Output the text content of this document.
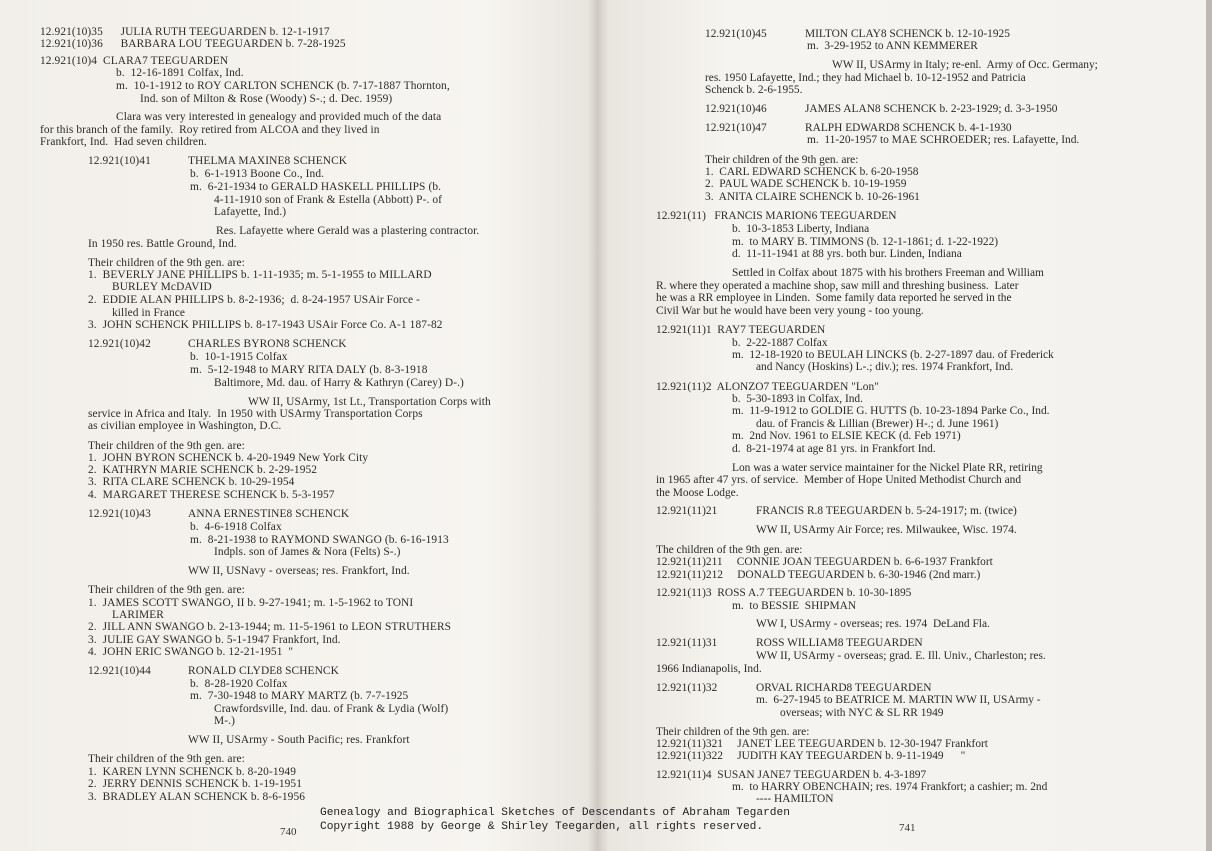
12.921(10)35      JULIA RUTH TEEGUARDEN b. 12-1-1917
12.921(10)36      BARBARA LOU TEEGUARDEN b. 7-28-1925
12.921(10)4  CLARA7 TEEGUARDEN
b.  12-16-1891 Colfax, Ind.
m.  10-1-1912 to ROY CARLTON SCHENCK (b. 7-17-1887 Thornton,
Ind. son of Milton & Rose (Woody) S-.; d. Dec. 1959)
Clara was very interested in genealogy and provided much of the data
for this branch of the family.  Roy retired from ALCOA and they lived in
Frankfort, Ind.  Had seven children.
12.921(10)41	THELMA MAXINE8 SCHENCK
b.  6-1-1913 Boone Co., Ind.
m.  6-21-1934 to GERALD HASKELL PHILLIPS (b.
4-11-1910 son of Frank & Estella (Abbott) P-. of
Lafayette, Ind.)
Res. Lafayette where Gerald was a plastering contractor.
In 1950 res. Battle Ground, Ind.
Their children of the 9th gen. are:
1.  BEVERLY JANE PHILLIPS b. 1-11-1935; m. 5-1-1955 to MILLARD
BURLEY McDAVID
2.  EDDIE ALAN PHILLIPS b. 8-2-1936;  d. 8-24-1957 USAir Force -
killed in France
3.  JOHN SCHENCK PHILLIPS b. 8-17-1943 USAir Force Co. A-1 187-82
12.921(10)42	CHARLES BYRON8 SCHENCK
b.  10-1-1915 Colfax
m.  5-12-1948 to MARY RITA DALY (b. 8-3-1918
Baltimore, Md. dau. of Harry & Kathryn (Carey) D-.)
WW II, USArmy, 1st Lt., Transportation Corps with
service in Africa and Italy.  In 1950 with USArmy Transportation Corps
as civilian employee in Washington, D.C.
Their children of the 9th gen. are:
1.  JOHN BYRON SCHENCK b. 4-20-1949 New York City
2.  KATHRYN MARIE SCHENCK b. 2-29-1952
3.  RITA CLARE SCHENCK b. 10-29-1954
4.  MARGARET THERESE SCHENCK b. 5-3-1957
12.921(10)43	ANNA ERNESTINE8 SCHENCK
b.  4-6-1918 Colfax
m.  8-21-1938 to RAYMOND SWANGO (b. 6-16-1913
Indpls. son of James & Nora (Felts) S-.)
WW II, USNavy - overseas; res. Frankfort, Ind.
Their children of the 9th gen. are:
1.  JAMES SCOTT SWANGO, II b. 9-27-1941; m. 1-5-1962 to TONI
LARIMER
2.  JILL ANN SWANGO b. 2-13-1944; m. 11-5-1961 to LEON STRUTHERS
3.  JULIE GAY SWANGO b. 5-1-1947 Frankfort, Ind.
4.  JOHN ERIC SWANGO b. 12-21-1951  "
12.921(10)44	RONALD CLYDE8 SCHENCK
b.  8-28-1920 Colfax
m.  7-30-1948 to MARY MARTZ (b. 7-7-1925
Crawfordsville, Ind. dau. of Frank & Lydia (Wolf)
M-.)
WW II, USArmy - South Pacific; res. Frankfort
Their children of the 9th gen. are:
1.  KAREN LYNN SCHENCK b. 8-20-1949
2.  JERRY DENNIS SCHENCK b. 1-19-1951
3.  BRADLEY ALAN SCHENCK b. 8-6-1956
740
12.921(10)45	MILTON CLAY8 SCHENCK b. 12-10-1925
m.  3-29-1952 to ANN KEMMERER
WW II, USArmy in Italy; re-enl.  Army of Occ. Germany;
res. 1950 Lafayette, Ind.; they had Michael b. 10-12-1952 and Patricia
Schenck b. 2-6-1955.
12.921(10)46	JAMES ALAN8 SCHENCK b. 2-23-1929; d. 3-3-1950
12.921(10)47	RALPH EDWARD8 SCHENCK b. 4-1-1930
m.  11-20-1957 to MAE SCHROEDER; res. Lafayette, Ind.
Their children of the 9th gen. are:
1.  CARL EDWARD SCHENCK b. 6-20-1958
2.  PAUL WADE SCHENCK b. 10-19-1959
3.  ANITA CLAIRE SCHENCK b. 10-26-1961
12.921(11)   FRANCIS MARION6 TEEGUARDEN
b.  10-3-1853 Liberty, Indiana
m.  to MARY B. TIMMONS (b. 12-1-1861; d. 1-22-1922)
d.  11-11-1941 at 88 yrs. both bur. Linden, Indiana
Settled in Colfax about 1875 with his brothers Freeman and William
R. where they operated a machine shop, saw mill and threshing business.  Later
he was a RR employee in Linden.  Some family data reported he served in the
Civil War but he would have been very young - too young.
12.921(11)1  RAY7 TEEGUARDEN
b.  2-22-1887 Colfax
m.  12-18-1920 to BEULAH LINCKS (b. 2-27-1897 dau. of Frederick
and Nancy (Hoskins) L-.; div.); res. 1974 Frankfort, Ind.
12.921(11)2  ALONZO7 TEEGUARDEN "Lon"
b.  5-30-1893 in Colfax, Ind.
m.  11-9-1912 to GOLDIE G. HUTTS (b. 10-23-1894 Parke Co., Ind.
dau. of Francis & Lillian (Brewer) H-.; d. June 1961)
m.  2nd Nov. 1961 to ELSIE KECK (d. Feb 1971)
d.  8-21-1974 at age 81 yrs. in Frankfort Ind.
Lon was a water service maintainer for the Nickel Plate RR, retiring
in 1965 after 47 yrs. of service.  Member of Hope United Methodist Church and
the Moose Lodge.
12.921(11)21	FRANCIS R.8 TEEGUARDEN b. 5-24-1917; m. (twice)
WW II, USArmy Air Force; res. Milwaukee, Wisc. 1974.
The children of the 9th gen. are:
12.921(11)211     CONNIE JOAN TEEGUARDEN b. 6-6-1937 Frankfort
12.921(11)212     DONALD TEEGUARDEN b. 6-30-1946 (2nd marr.)
12.921(11)3  ROSS A.7 TEEGUARDEN b. 10-30-1895
m.  to BESSIE  SHIPMAN
WW I, USArmy - overseas; res. 1974  DeLand Fla.
12.921(11)31	ROSS WILLIAM8 TEEGUARDEN
WW II, USArmy - overseas; grad. E. Ill. Univ., Charleston; res.
1966 Indianapolis, Ind.
12.921(11)32	ORVAL RICHARD8 TEEGUARDEN
m.  6-27-1945 to BEATRICE M. MARTIN WW II, USArmy -
overseas; with NYC & SL RR 1949
Their children of the 9th gen. are:
12.921(11)321     JANET LEE TEEGUARDEN b. 12-30-1947 Frankfort
12.921(11)322     JUDITH KAY TEEGUARDEN b. 9-11-1949      "
12.921(11)4  SUSAN JANE7 TEEGUARDEN b. 4-3-1897
m.  to HARRY OBENCHAIN; res. 1974 Frankfort; a cashier; m. 2nd
---- HAMILTON
741
Genealogy and Biographical Sketches of Descendants of Abraham Tegarden
Copyright 1988 by George & Shirley Teegarden, all rights reserved.
